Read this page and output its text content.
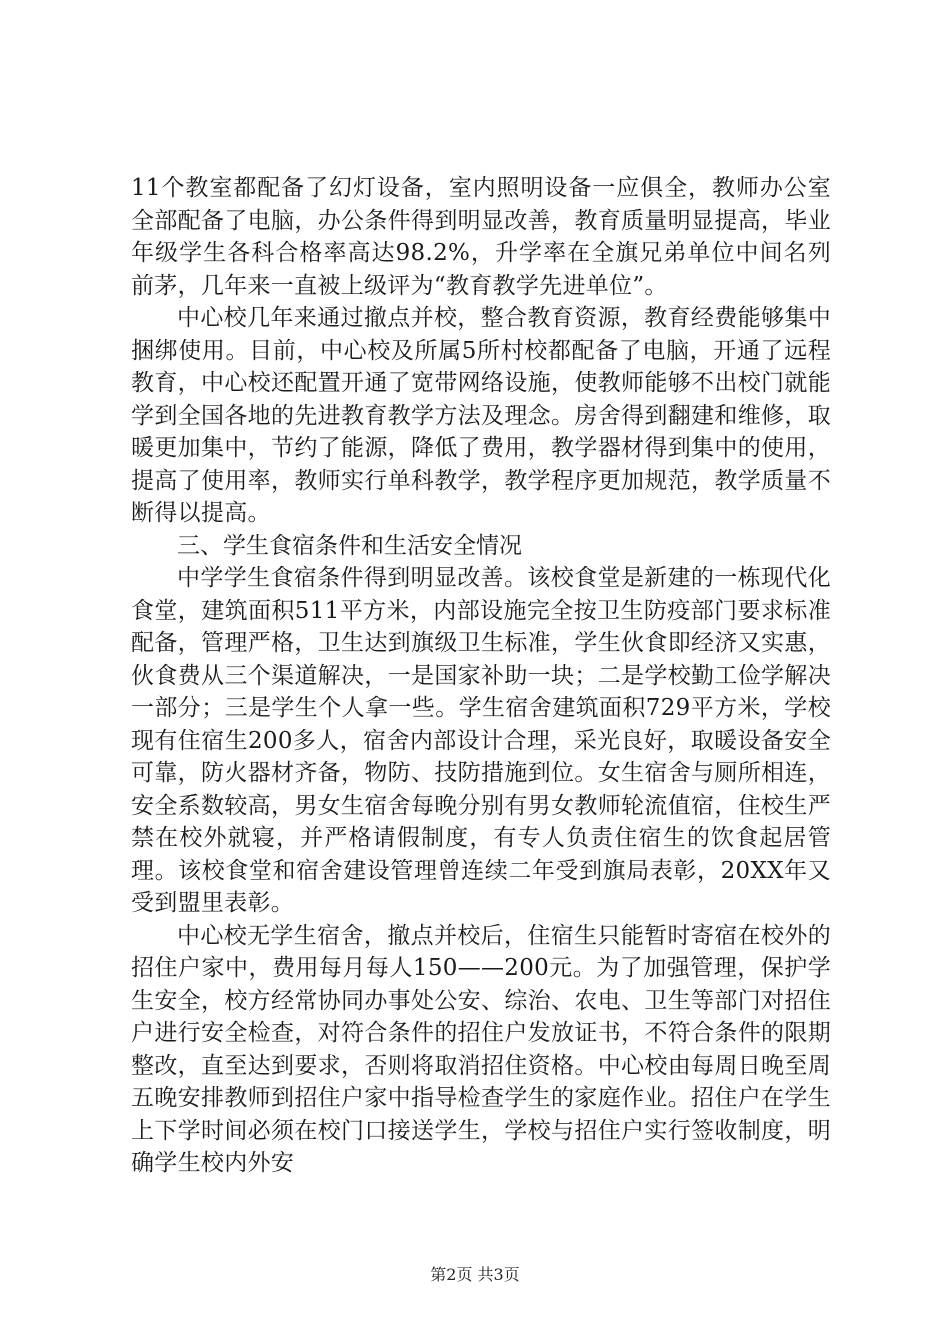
11个教室都配备了幻灯设备，室内照明设备一应俱全，教师办公室全部配备了电脑，办公条件得到明显改善，教育质量明显提高，毕业年级学生各科合格率高达98.2%，升学率在全旗兄弟单位中间名列前茅，几年来一直被上级评为“教育教学先进单位”。

中心校几年来通过撤点并校，整合教育资源，教育经费能够集中捆绑使用。目前，中心校及所属5所村校都配备了电脑，开通了远程教育，中心校还配置开通了宽带网络设施，使教师能够不出校门就能学到全国各地的先进教育教学方法及理念。房舍得到翻建和维修，取暖更加集中，节约了能源，降低了费用，教学器材得到集中的使用，提高了使用率，教师实行单科教学，教学程序更加规范，教学质量不断得以提高。

三、学生食宿条件和生活安全情况

中学学生食宿条件得到明显改善。该校食堂是新建的一栋现代化食堂，建筑面积511平方米，内部设施完全按卫生防疫部门要求标准配备，管理严格，卫生达到旗级卫生标准，学生伙食即经济又实惠，伙食费从三个渠道解决，一是国家补助一块；二是学校勤工俭学解决一部分；三是学生个人拿一些。学生宿舍建筑面积729平方米，学校现有住宿生200多人，宿舍内部设计合理，采光良好，取暖设备安全可靠，防火器材齐备，物防、技防措施到位。女生宿舍与厕所相连，安全系数较高，男女生宿舍每晚分别有男女教师轮流值宿，住校生严禁在校外就寝，并严格请假制度，有专人负责住宿生的饮食起居管理。该校食堂和宿舍建设管理曾连续二年受到旗局表彰，20XX年又受到盟里表彰。

中心校无学生宿舍，撤点并校后，住宿生只能暂时寄宿在校外的招住户家中，费用每月每人150——200元。为了加强管理，保护学生安全，校方经常协同办事处公安、综治、农电、卫生等部门对招住户进行安全检查，对符合条件的招住户发放证书，不符合条件的限期整改，直至达到要求，否则将取消招住资格。中心校由每周日晚至周五晚安排教师到招住户家中指导检查学生的家庭作业。招住户在学生上下学时间必须在校门口接送学生，学校与招住户实行签收制度，明确学生校内外安

第2页 共3页
